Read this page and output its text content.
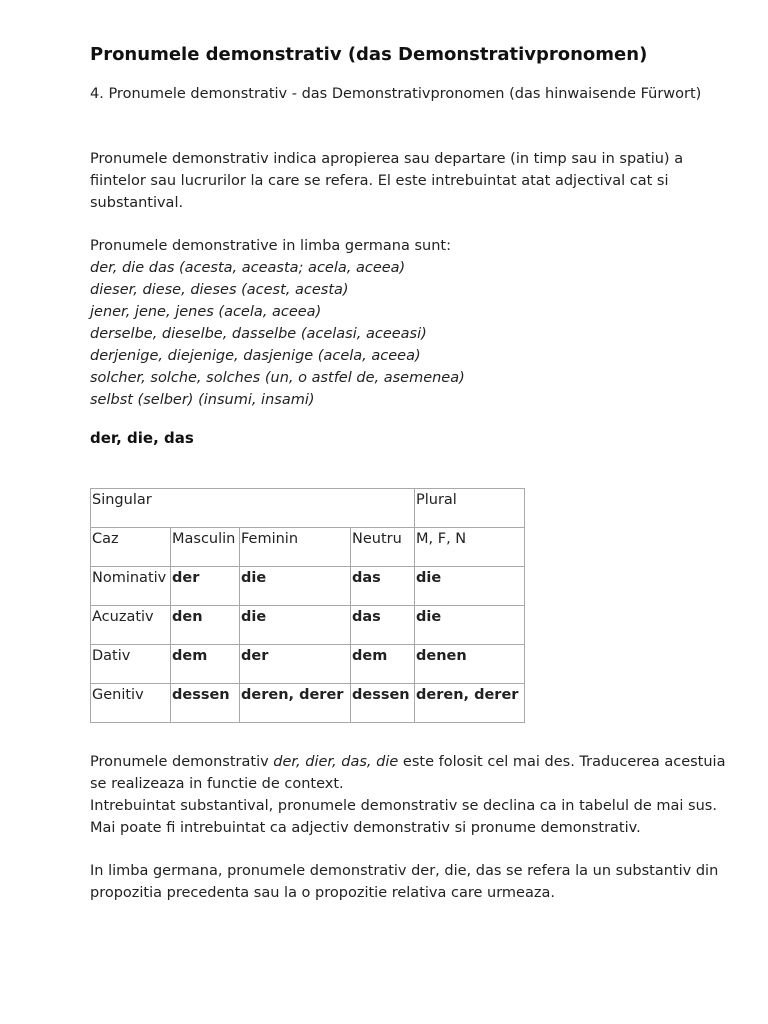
Pronumele demonstrativ (das Demonstrativpronomen)

4. Pronumele demonstrativ - das Demonstrativpronomen (das hinwaisende Fürwort)

Pronumele demonstrativ indica apropierea sau departare (in timp sau in spatiu) a fiintelor sau lucrurilor la care se refera. El este intrebuintat atat adjectival cat si substantival.

Pronumele demonstrative in limba germana sunt:
der, die das (acesta, aceasta; acela, aceea)
dieser, diese, dieses (acest, acesta)
jener, jene, jenes (acela, aceea)
derselbe, dieselbe, dasselbe (acelasi, aceeasi)
derjenige, diejenige, dasjenige (acela, aceea)
solcher, solche, solches (un, o astfel de, asemenea)
selbst (selber) (insumi, insami)

der, die, das

Singular				Plural
Caz	Masculin	Feminin	Neutru	M, F, N
Nominativ	der	die	das	die
Acuzativ	den	die	das	die
Dativ	dem	der	dem	denen
Genitiv	dessen	deren, derer	dessen	deren, derer

Pronumele demonstrativ der, dier, das, die este folosit cel mai des. Traducerea acestuia se realizeaza in functie de context.
Intrebuintat substantival, pronumele demonstrativ se declina ca in tabelul de mai sus. Mai poate fi intrebuintat ca adjectiv demonstrativ si pronume demonstrativ.

In limba germana, pronumele demonstrativ der, die, das se refera la un substantiv din propozitia precedenta sau la o propozitie relativa care urmeaza.
